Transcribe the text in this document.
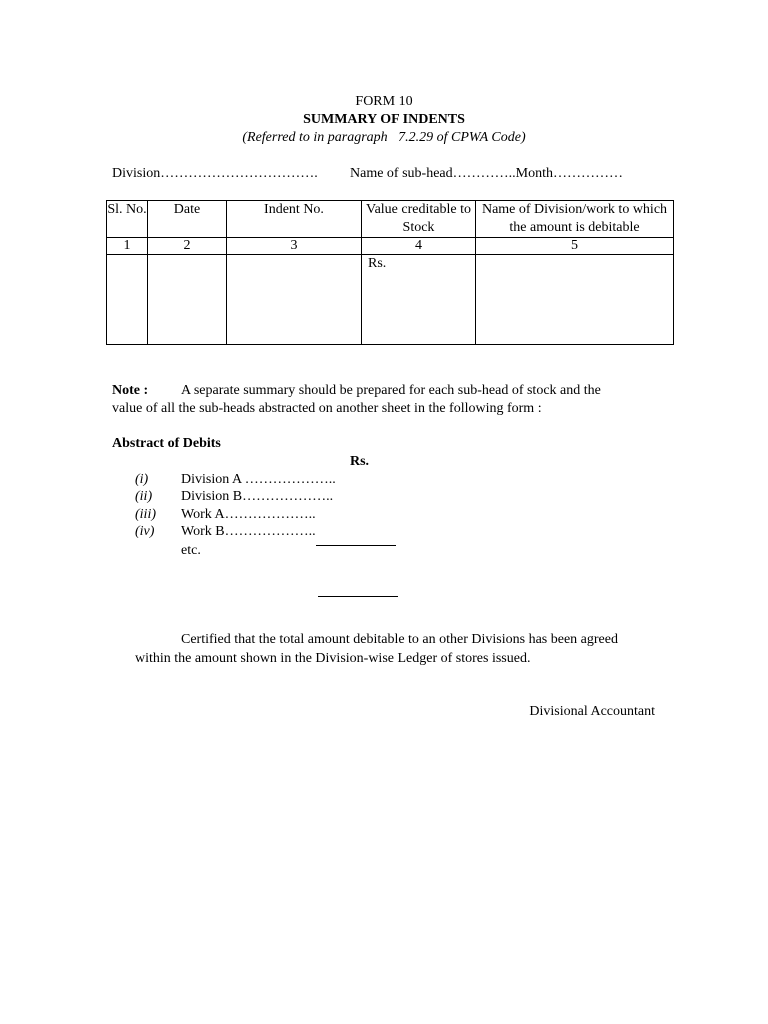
FORM 10
SUMMARY OF INDENTS
(Referred to in paragraph   7.2.29 of CPWA Code)
Division……………………………. Name of sub-head…………..Month……………
Sl. No.	Date	Indent No.	Value creditable to Stock	Name of Division/work to which the amount is debitable
1	2	3	4	5
			Rs.	
Note : A separate summary should be prepared for each sub-head of stock and the
value of all the sub-heads abstracted on another sheet in the following form :
Abstract of Debits
Rs.
(i) Division A ………………..
(ii) Division B………………..
(iii) Work A………………..
(iv) Work B………………..
etc.
Certified that the total amount debitable to an other Divisions has been agreed
within the amount shown in the Division-wise Ledger of stores issued.
Divisional Accountant
